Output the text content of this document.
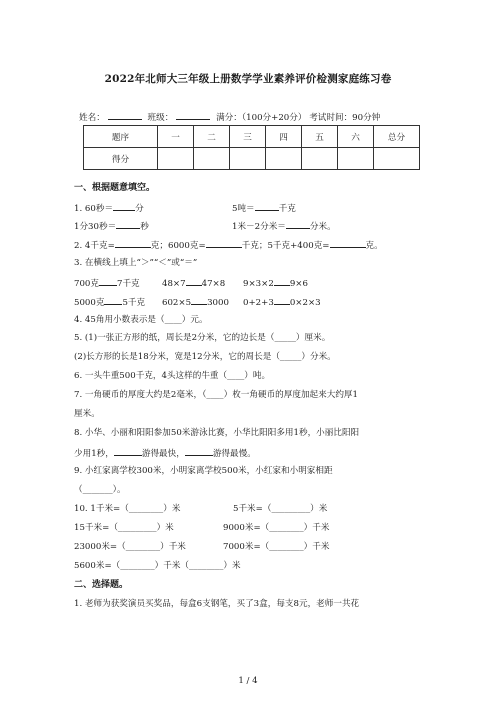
2022年北师大三年级上册数学学业素养评价检测家庭练习卷
姓名：	班级：	满分：（100分+20分） 考试时间：90分钟
题序	一	二	三	四	五	六	总分
得分							
一、根据题意填空。
1. 60秒＝	分	5吨＝	千克
1分30秒＝	秒	1米－2分米＝	分米。
2. 4千克=	克；6000克=	千克；5千克+400克=	克。
3. 在横线上填上“＞”“＜”或“＝”
700克 7千克	48×7 47×8 9×3×2 9×6
5000克 5千克 602×5 3000 0+2+3 0×2×3
4. 45角用小数表示是（____）元。
5. (1)一张正方形的纸，周长是2分米，它的边长是（_____）厘米。
(2)长方形的长是18分米，宽是12分米，它的周长是（_____）分米。
6. 一头牛重500千克，4头这样的牛重（____）吨。
7. 一角硬币的厚度大约是2毫米，（____）枚一角硬币的厚度加起来大约厚1
厘米。
8. 小华、小丽和阳阳参加50米游泳比赛，小华比阳阳多用1秒，小丽比阳阳
少用1秒，	游得最快，	游得最慢。
9. 小红家离学校300米，小明家离学校500米，小红家和小明家相距
（_______）。
10. 1千米=（________）米	5千米=（_________）米
15千米=（_________）米	9000米=（________）千米
23000米=（________）千米	7000米=（________）千米
5600米=（________）千米（________）米
二、选择题。
1. 老师为获奖演员买奖品，每盒6支钢笔，买了3盒，每支8元，老师一共花
1 / 4
